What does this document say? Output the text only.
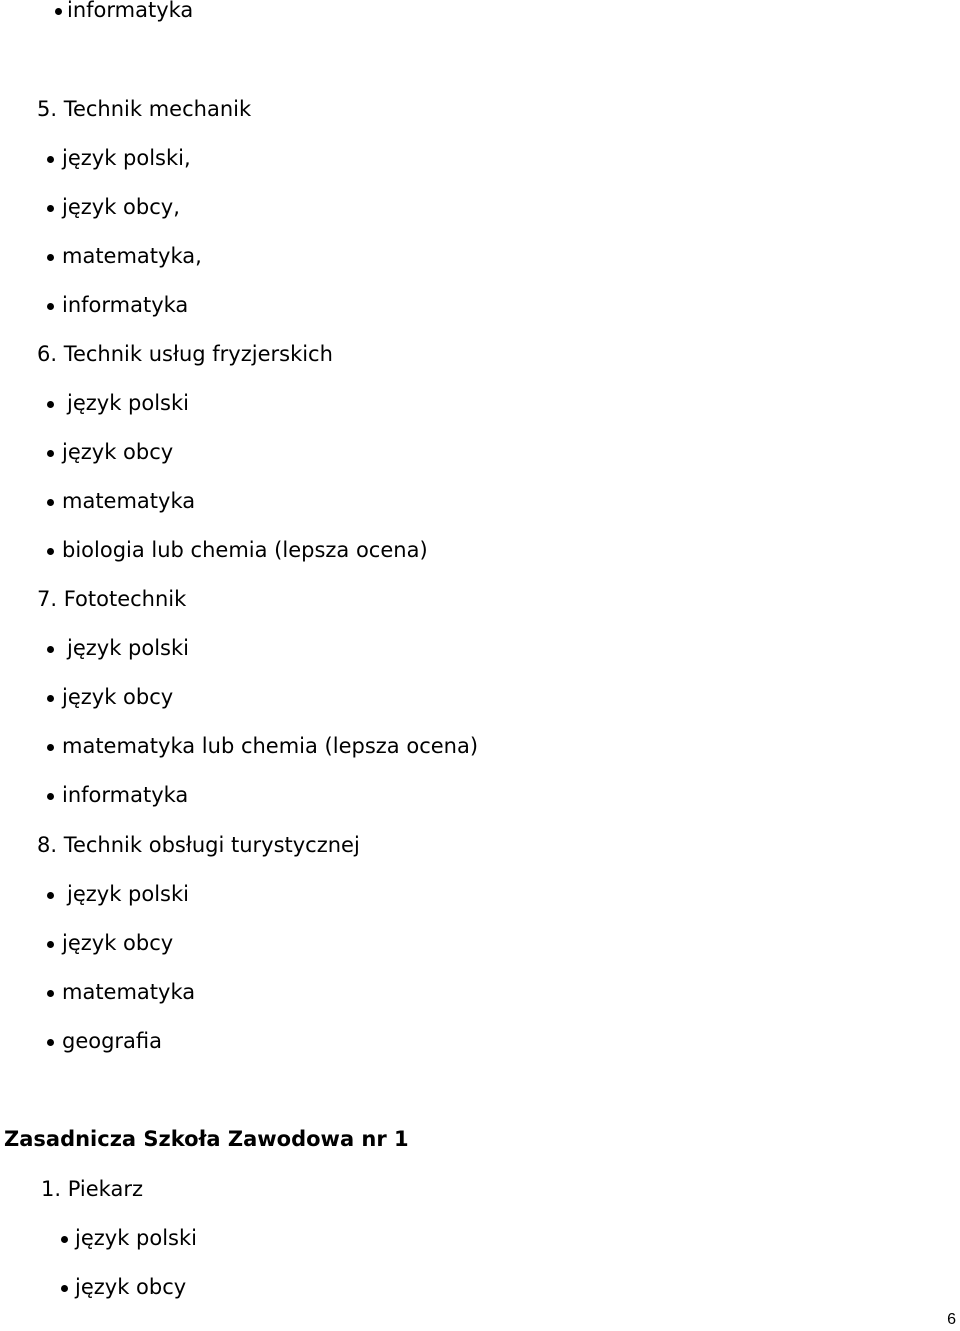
informatyka
5. Technik mechanik
język polski,
język obcy,
matematyka,
informatyka
6. Technik usług fryzjerskich
język polski
język obcy
matematyka
biologia lub chemia (lepsza ocena)
7. Fototechnik
język polski
język obcy
matematyka lub chemia (lepsza ocena)
informatyka
8. Technik obsługi turystycznej
język polski
język obcy
matematyka
geografia
Zasadnicza Szkoła Zawodowa nr 1
1. Piekarz
język polski
język obcy
6
